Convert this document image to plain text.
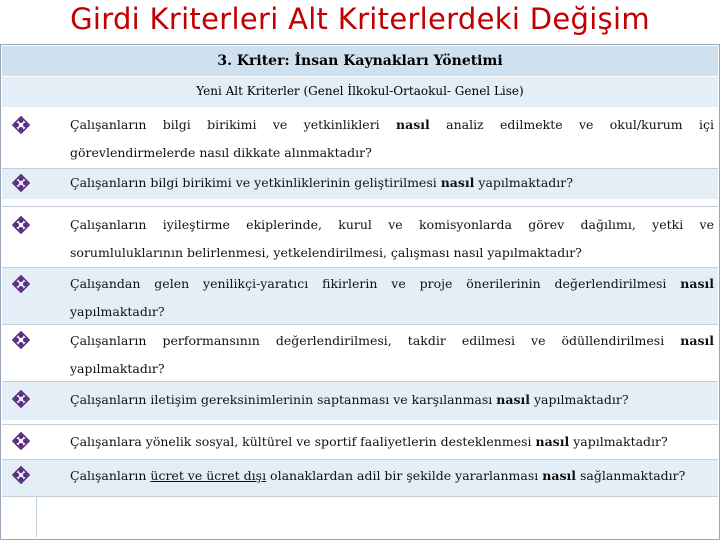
Girdi Kriterleri Alt Kriterlerdeki Değişim
3. Kriter: İnsan Kaynakları Yönetimi
Yeni Alt Kriterler (Genel İlkokul-Ortaokul- Genel Lise)
Çalışanların bilgi birikimi ve yetkinlikleri nasıl analiz edilmekte ve okul/kurum içi
görevlendirmelerde nasıl dikkate alınmaktadır?
Çalışanların bilgi birikimi ve yetkinliklerinin geliştirilmesi nasıl yapılmaktadır?
Çalışanların iyileştirme ekiplerinde, kurul ve komisyonlarda görev dağılımı, yetki ve
sorumluluklarının belirlenmesi, yetkelendirilmesi, çalışması nasıl yapılmaktadır?
Çalışandan gelen yenilikçi-yaratıcı fikirlerin ve proje önerilerinin değerlendirilmesi nasıl
yapılmaktadır?
Çalışanların performansının değerlendirilmesi, takdir edilmesi ve ödüllendirilmesi nasıl
yapılmaktadır?
Çalışanların iletişim gereksinimlerinin saptanması ve karşılanması nasıl yapılmaktadır?
Çalışanlara yönelik sosyal, kültürel ve sportif faaliyetlerin desteklenmesi nasıl yapılmaktadır?
Çalışanların ücret ve ücret dışı olanaklardan adil bir şekilde yararlanması nasıl sağlanmaktadır?
